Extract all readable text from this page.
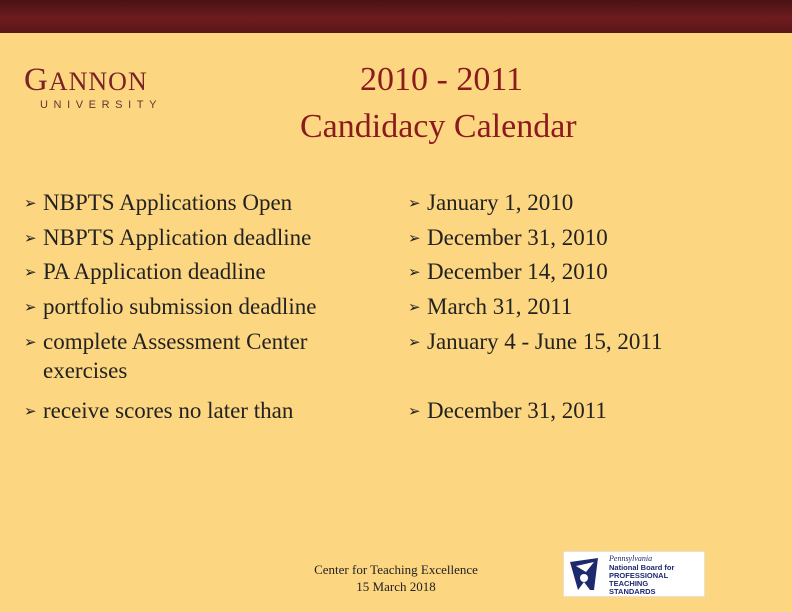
GANNON
UNIVERSITY
2010 - 2011
Candidacy Calendar
➢ NBPTS Applications Open
➢ NBPTS Application deadline
➢ PA Application deadline
➢ portfolio submission deadline
➢ complete Assessment Center
exercises
➢ receive scores no later than
➢ January 1, 2010
➢ December 31, 2010
➢ December 14, 2010
➢ March 31, 2011
➢ January 4 - June 15, 2011
➢ December 31, 2011
Center for Teaching Excellence
15 March 2018
Pennsylvania
National Board for
PROFESSIONAL
TEACHING
STANDARDS
